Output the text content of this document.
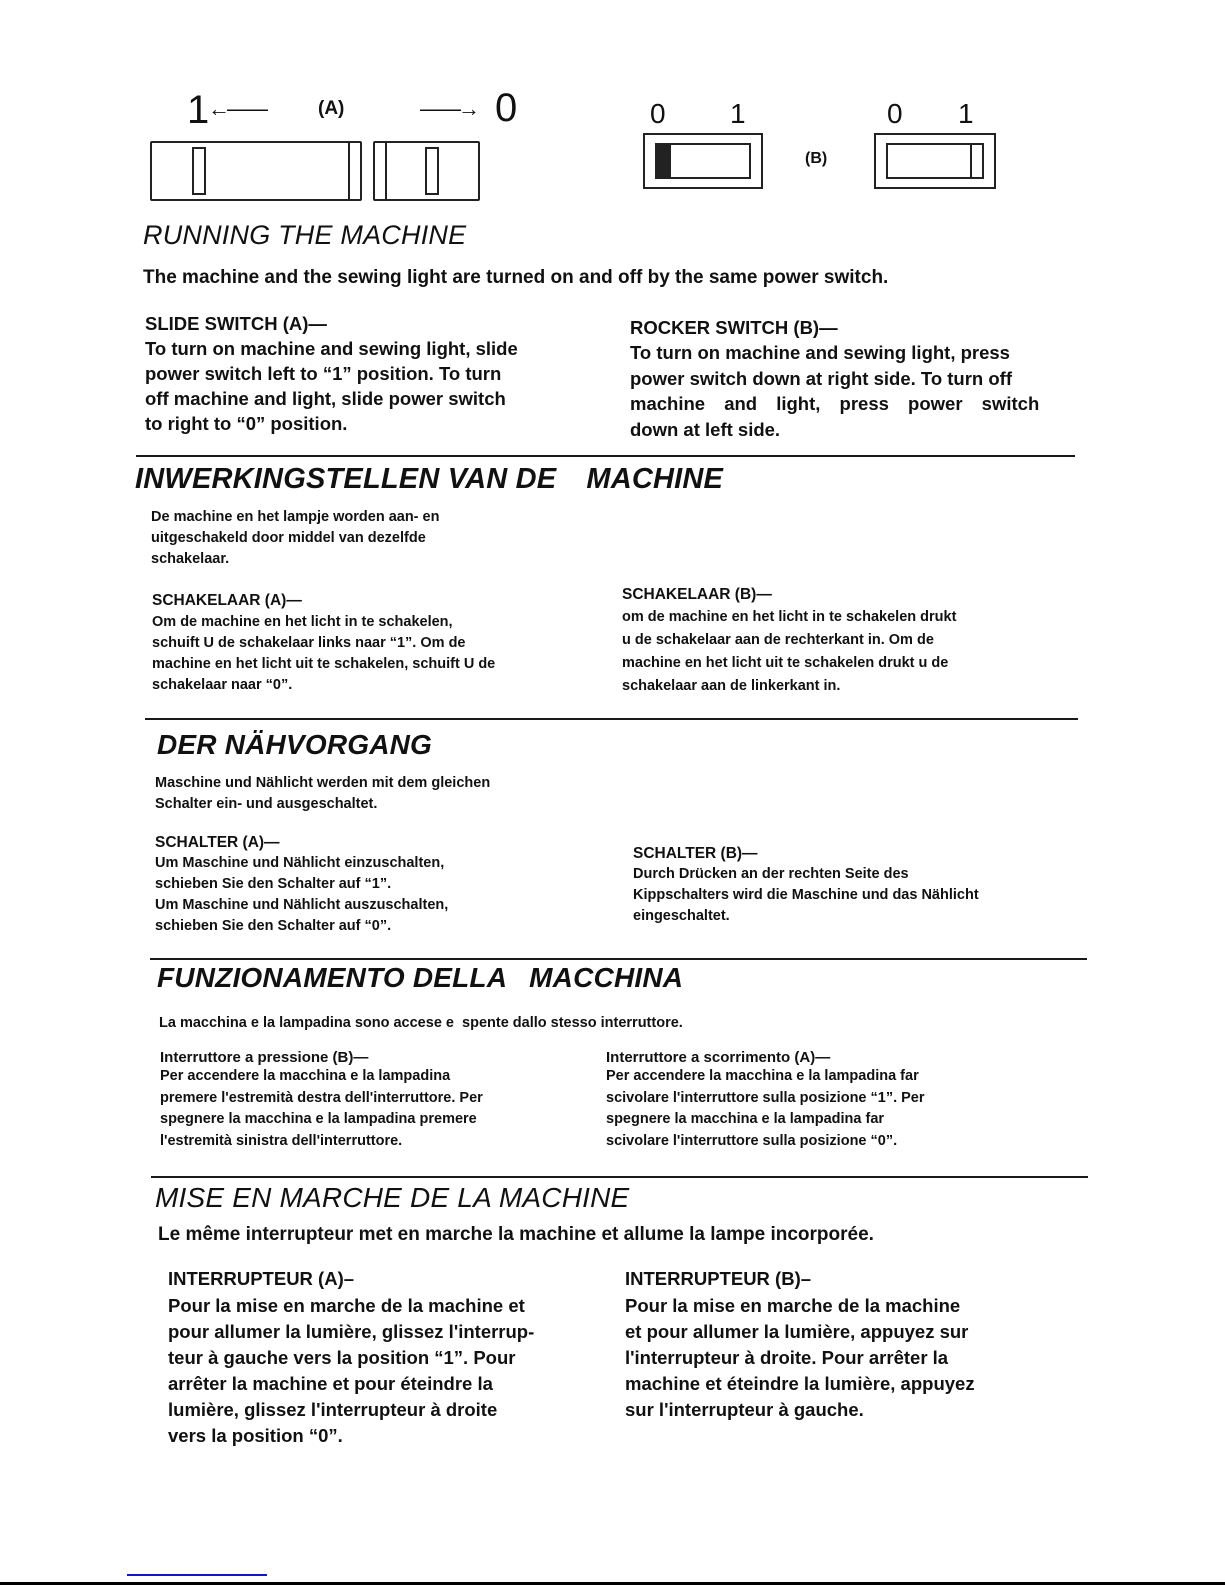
1
←——	(A)	——→ 0	0 1
(B)
0 1
RUNNING THE MACHINE
The machine and the sewing light are turned on and off by the same power switch.
SLIDE SWITCH (A)—
To turn on machine and sewing light, slide
power switch left to “1” position. To turn
off machine and light, slide power switch
to right to “0” position.
ROCKER SWITCH (B)—
To turn on machine and sewing light, press
power switch down at right side. To turn off
machine and light, press power switch
down at left side.
INWERKINGSTELLEN VAN DE MACHINE
De machine en het lampje worden aan- en
uitgeschakeld door middel van dezelfde
schakelaar.
SCHAKELAAR (A)—
Om de machine en het licht in te schakelen,
schuift U de schakelaar links naar “1”. Om de
machine en het licht uit te schakelen, schuift U de
schakelaar naar “0”.
SCHAKELAAR (B)—
om de machine en het licht in te schakelen drukt
u de schakelaar aan de rechterkant in. Om de
machine en het licht uit te schakelen drukt u de
schakelaar aan de linkerkant in.
DER NÄHVORGANG
Maschine und Nählicht werden mit dem gleichen
Schalter ein- und ausgeschaltet.
SCHALTER (A)—
Um Maschine und Nählicht einzuschalten,
schieben Sie den Schalter auf “1”.
Um Maschine und Nählicht auszuschalten,
schieben Sie den Schalter auf “0”.
SCHALTER (B)—
Durch Drücken an der rechten Seite des
Kippschalters wird die Maschine und das Nählicht
eingeschaltet.
FUNZIONAMENTO DELLA MACCHINA
La macchina e la lampadina sono accese e  spente dallo stesso interruttore.
Interruttore a pressione (B)—
Per accendere la macchina e la lampadina
premere l'estremità destra dell'interruttore. Per
spegnere la macchina e la lampadina premere
l'estremità sinistra dell'interruttore.
Interruttore a scorrimento (A)—
Per accendere la macchina e la lampadina far
scivolare l'interruttore sulla posizione “1”. Per
spegnere la macchina e la lampadina far
scivolare l'interruttore sulla posizione “0”.
MISE EN MARCHE DE LA MACHINE
Le même interrupteur met en marche la machine et allume la lampe incorporée.
INTERRUPTEUR (A)–
Pour la mise en marche de la machine et
pour allumer la lumière, glissez l'interrup-
teur à gauche vers la position “1”. Pour
arrêter la machine et pour éteindre la
lumière, glissez l'interrupteur à droite
vers la position “0”.
INTERRUPTEUR (B)–
Pour la mise en marche de la machine
et pour allumer la lumière, appuyez sur
l'interrupteur à droite. Pour arrêter la
machine et éteindre la lumière, appuyez
sur l'interrupteur à gauche.
